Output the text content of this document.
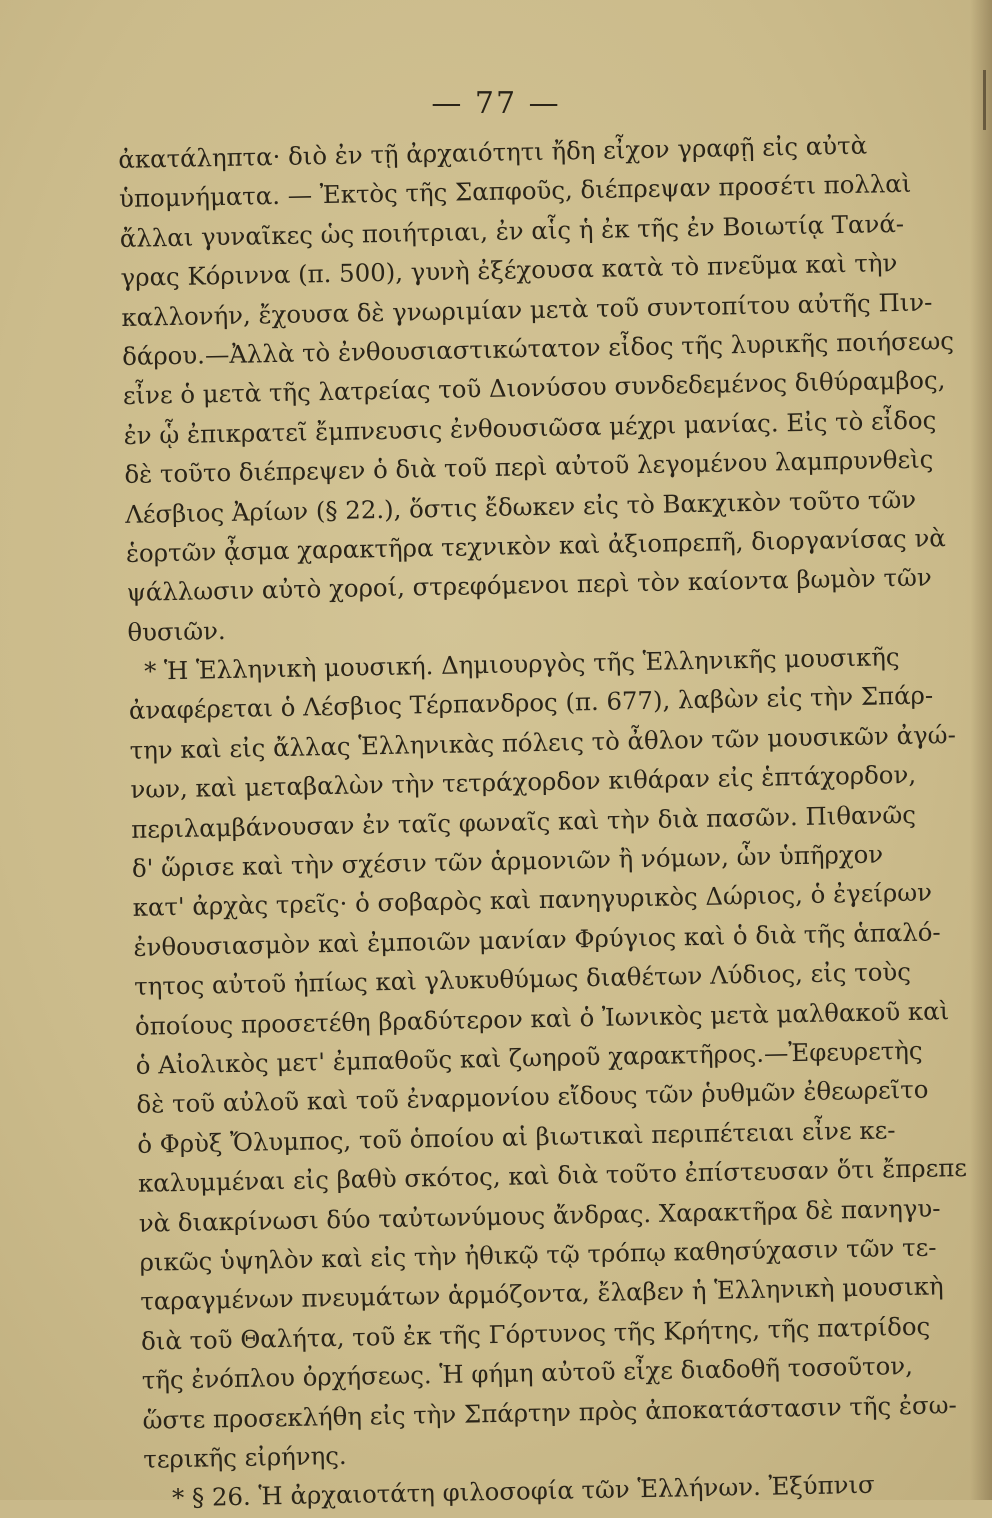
— 77 —
ἀκατάληπτα· διὸ ἐν τῇ ἀρχαιότητι ἤδη εἶχον γραφῇ εἰς αὐτὰ
ὑπομνήματα. — Ἐκτὸς τῆς Σαπφοῦς, διέπρεψαν προσέτι πολλαὶ
ἄλλαι γυναῖκες ὡς ποιήτριαι, ἐν αἷς ἡ ἐκ τῆς ἐν Βοιωτίᾳ Τανά-
γρας Κόριννα (π. 500), γυνὴ ἐξέχουσα κατὰ τὸ πνεῦμα καὶ τὴν
καλλονήν, ἔχουσα δὲ γνωριμίαν μετὰ τοῦ συντοπίτου αὐτῆς Πιν-
δάρου.—Ἀλλὰ τὸ ἐνθουσιαστικώτατον εἶδος τῆς λυρικῆς ποιήσεως
εἶνε ὁ μετὰ τῆς λατρείας τοῦ Διονύσου συνδεδεμένος διθύραμβος,
ἐν ᾧ ἐπικρατεῖ ἔμπνευσις ἐνθουσιῶσα μέχρι μανίας. Εἰς τὸ εἶδος
δὲ τοῦτο διέπρεψεν ὁ διὰ τοῦ περὶ αὐτοῦ λεγομένου λαμπρυνθεὶς
Λέσβιος Ἀρίων (§ 22.), ὅστις ἔδωκεν εἰς τὸ Βακχικὸν τοῦτο τῶν
ἑορτῶν ᾆσμα χαρακτῆρα τεχνικὸν καὶ ἀξιοπρεπῆ, διοργανίσας νὰ
ψάλλωσιν αὐτὸ χοροί, στρεφόμενοι περὶ τὸν καίοντα βωμὸν τῶν
θυσιῶν.
* Ἡ Ἑλληνικὴ μουσική. Δημιουργὸς τῆς Ἑλληνικῆς μουσικῆς
ἀναφέρεται ὁ Λέσβιος Τέρπανδρος (π. 677), λαβὼν εἰς τὴν Σπάρ-
την καὶ εἰς ἄλλας Ἑλληνικὰς πόλεις τὸ ἆθλον τῶν μουσικῶν ἀγώ-
νων, καὶ μεταβαλὼν τὴν τετράχορδον κιθάραν εἰς ἑπτάχορδον,
περιλαμβάνουσαν ἐν ταῖς φωναῖς καὶ τὴν διὰ πασῶν. Πιθανῶς
δ' ὥρισε καὶ τὴν σχέσιν τῶν ἁρμονιῶν ἢ νόμων, ὧν ὑπῆρχον
κατ' ἀρχὰς τρεῖς· ὁ σοβαρὸς καὶ πανηγυρικὸς Δώριος, ὁ ἐγείρων
ἐνθουσιασμὸν καὶ ἐμποιῶν μανίαν Φρύγιος καὶ ὁ διὰ τῆς ἁπαλό-
τητος αὐτοῦ ἠπίως καὶ γλυκυθύμως διαθέτων Λύδιος, εἰς τοὺς
ὁποίους προσετέθη βραδύτερον καὶ ὁ Ἰωνικὸς μετὰ μαλθακοῦ καὶ
ὁ Αἰολικὸς μετ' ἐμπαθοῦς καὶ ζωηροῦ χαρακτῆρος.—Ἐφευρετὴς
δὲ τοῦ αὐλοῦ καὶ τοῦ ἐναρμονίου εἴδους τῶν ῥυθμῶν ἐθεωρεῖτο
ὁ Φρὺξ Ὄλυμπος, τοῦ ὁποίου αἱ βιωτικαὶ περιπέτειαι εἶνε κε-
καλυμμέναι εἰς βαθὺ σκότος, καὶ διὰ τοῦτο ἐπίστευσαν ὅτι ἔπρεπε
νὰ διακρίνωσι δύο ταὐτωνύμους ἄνδρας. Χαρακτῆρα δὲ πανηγυ-
ρικῶς ὑψηλὸν καὶ εἰς τὴν ἠθικῷ τῷ τρόπῳ καθησύχασιν τῶν τε-
ταραγμένων πνευμάτων ἁρμόζοντα, ἔλαβεν ἡ Ἑλληνικὴ μουσικὴ
διὰ τοῦ Θαλήτα, τοῦ ἐκ τῆς Γόρτυνος τῆς Κρήτης, τῆς πατρίδος
τῆς ἐνόπλου ὀρχήσεως. Ἡ φήμη αὐτοῦ εἶχε διαδοθῆ τοσοῦτον,
ὥστε προσεκλήθη εἰς τὴν Σπάρτην πρὸς ἀποκατάστασιν τῆς ἐσω-
τερικῆς εἰρήνης.
* § 26. Ἡ ἀρχαιοτάτη φιλοσοφία τῶν Ἑλλήνων. Ἐξύπνισ
